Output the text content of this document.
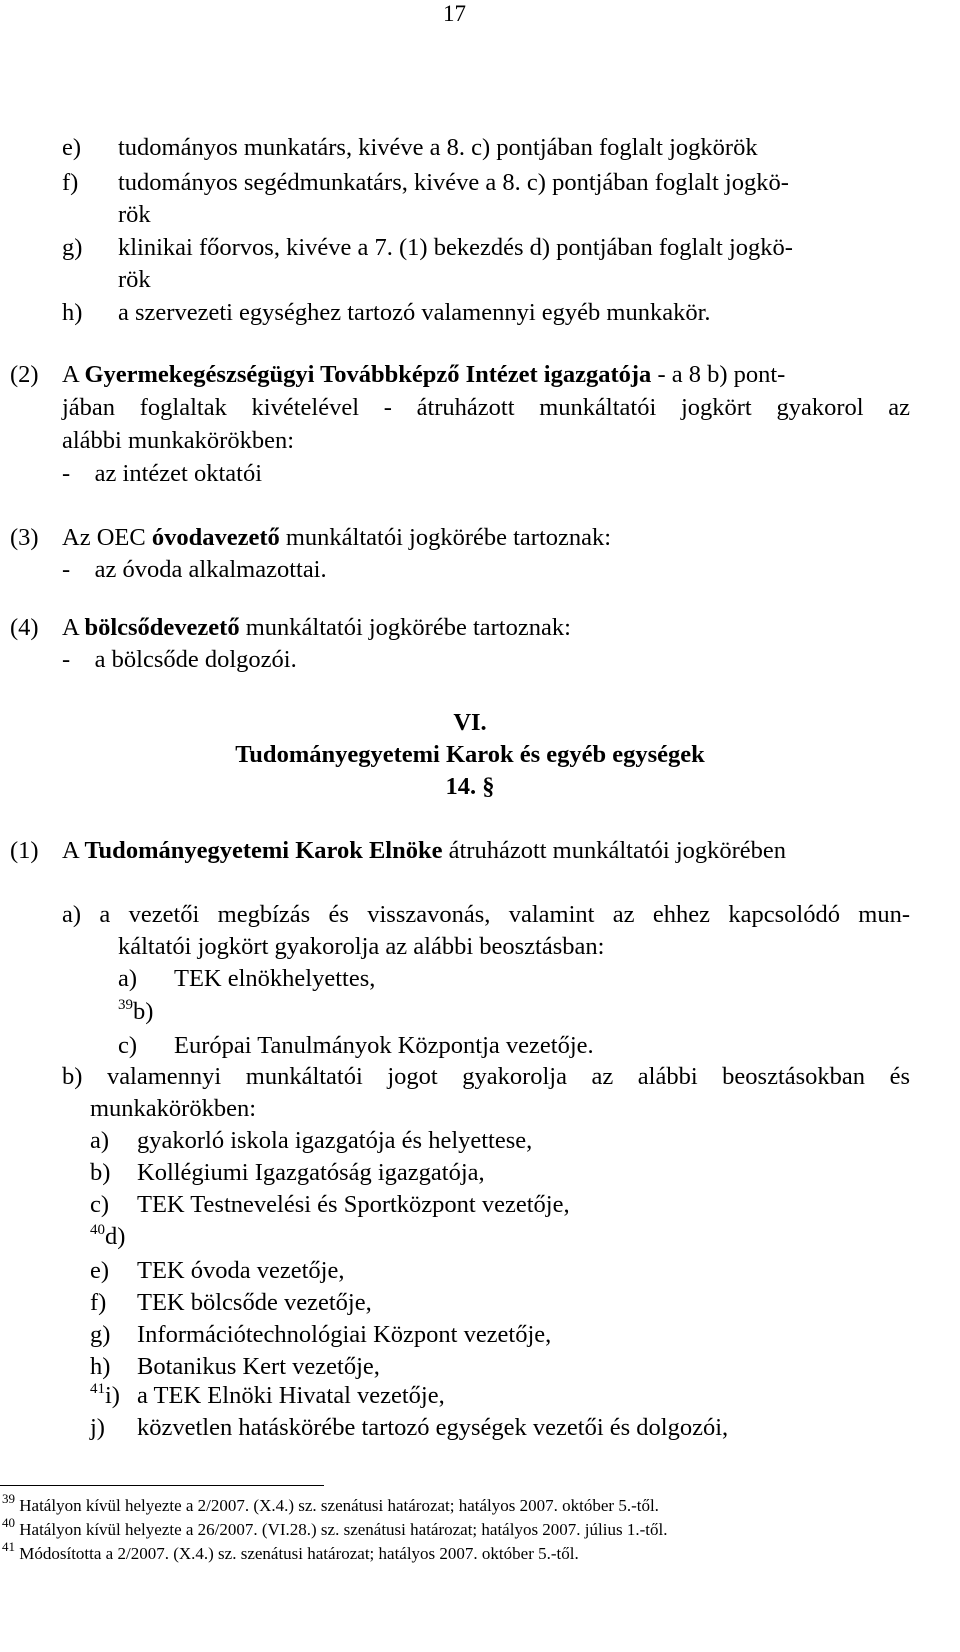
17
e) tudományos munkatárs, kivéve a 8. c) pontjában foglalt jogkörök
f) tudományos segédmunkatárs, kivéve a 8. c) pontjában foglalt jogkö-
rök
g) klinikai főorvos, kivéve a 7. (1) bekezdés d) pontjában foglalt jogkö-
rök
h) a szervezeti egységhez tartozó valamennyi egyéb munkakör.
(2) A Gyermekegészségügyi Továbbképző Intézet igazgatója - a 8 b) pont-
jában foglaltak kivételével - átruházott munkáltatói jogkört gyakorol az
alábbi munkakörökben:
-    az intézet oktatói
(3) Az OEC óvodavezető munkáltatói jogkörébe tartoznak:
-    az óvoda alkalmazottai.
(4) A bölcsődevezető munkáltatói jogkörébe tartoznak:
-    a bölcsőde dolgozói.
VI.
Tudományegyetemi Karok és egyéb egységek
14. §
(1) A Tudományegyetemi Karok Elnöke átruházott munkáltatói jogkörében
a) a vezetői megbízás és visszavonás, valamint az ehhez kapcsolódó mun-
káltatói jogkört gyakorolja az alábbi beosztásban:
a) TEK elnökhelyettes,
$^{39}$b)
c) Európai Tanulmányok Központja vezetője.
b) valamennyi munkáltatói jogot gyakorolja az alábbi beosztásokban és
munkakörökben:
a) gyakorló iskola igazgatója és helyettese,
b) Kollégiumi Igazgatóság igazgatója,
c) TEK Testnevelési és Sportközpont vezetője,
$^{40}$d)
e) TEK óvoda vezetője,
f) TEK bölcsőde vezetője,
g) Információtechnológiai Központ vezetője,
h) Botanikus Kert vezetője,
$^{41}$i) a TEK Elnöki Hivatal vezetője,
j) közvetlen hatáskörébe tartozó egységek vezetői és dolgozói,
$^{39}$ Hatályon kívül helyezte a 2/2007. (X.4.) sz. szenátusi határozat; hatályos 2007. október 5.-től.
$^{40}$ Hatályon kívül helyezte a 26/2007. (VI.28.) sz. szenátusi határozat; hatályos 2007. július 1.-től.
$^{41}$ Módosította a 2/2007. (X.4.) sz. szenátusi határozat; hatályos 2007. október 5.-től.
